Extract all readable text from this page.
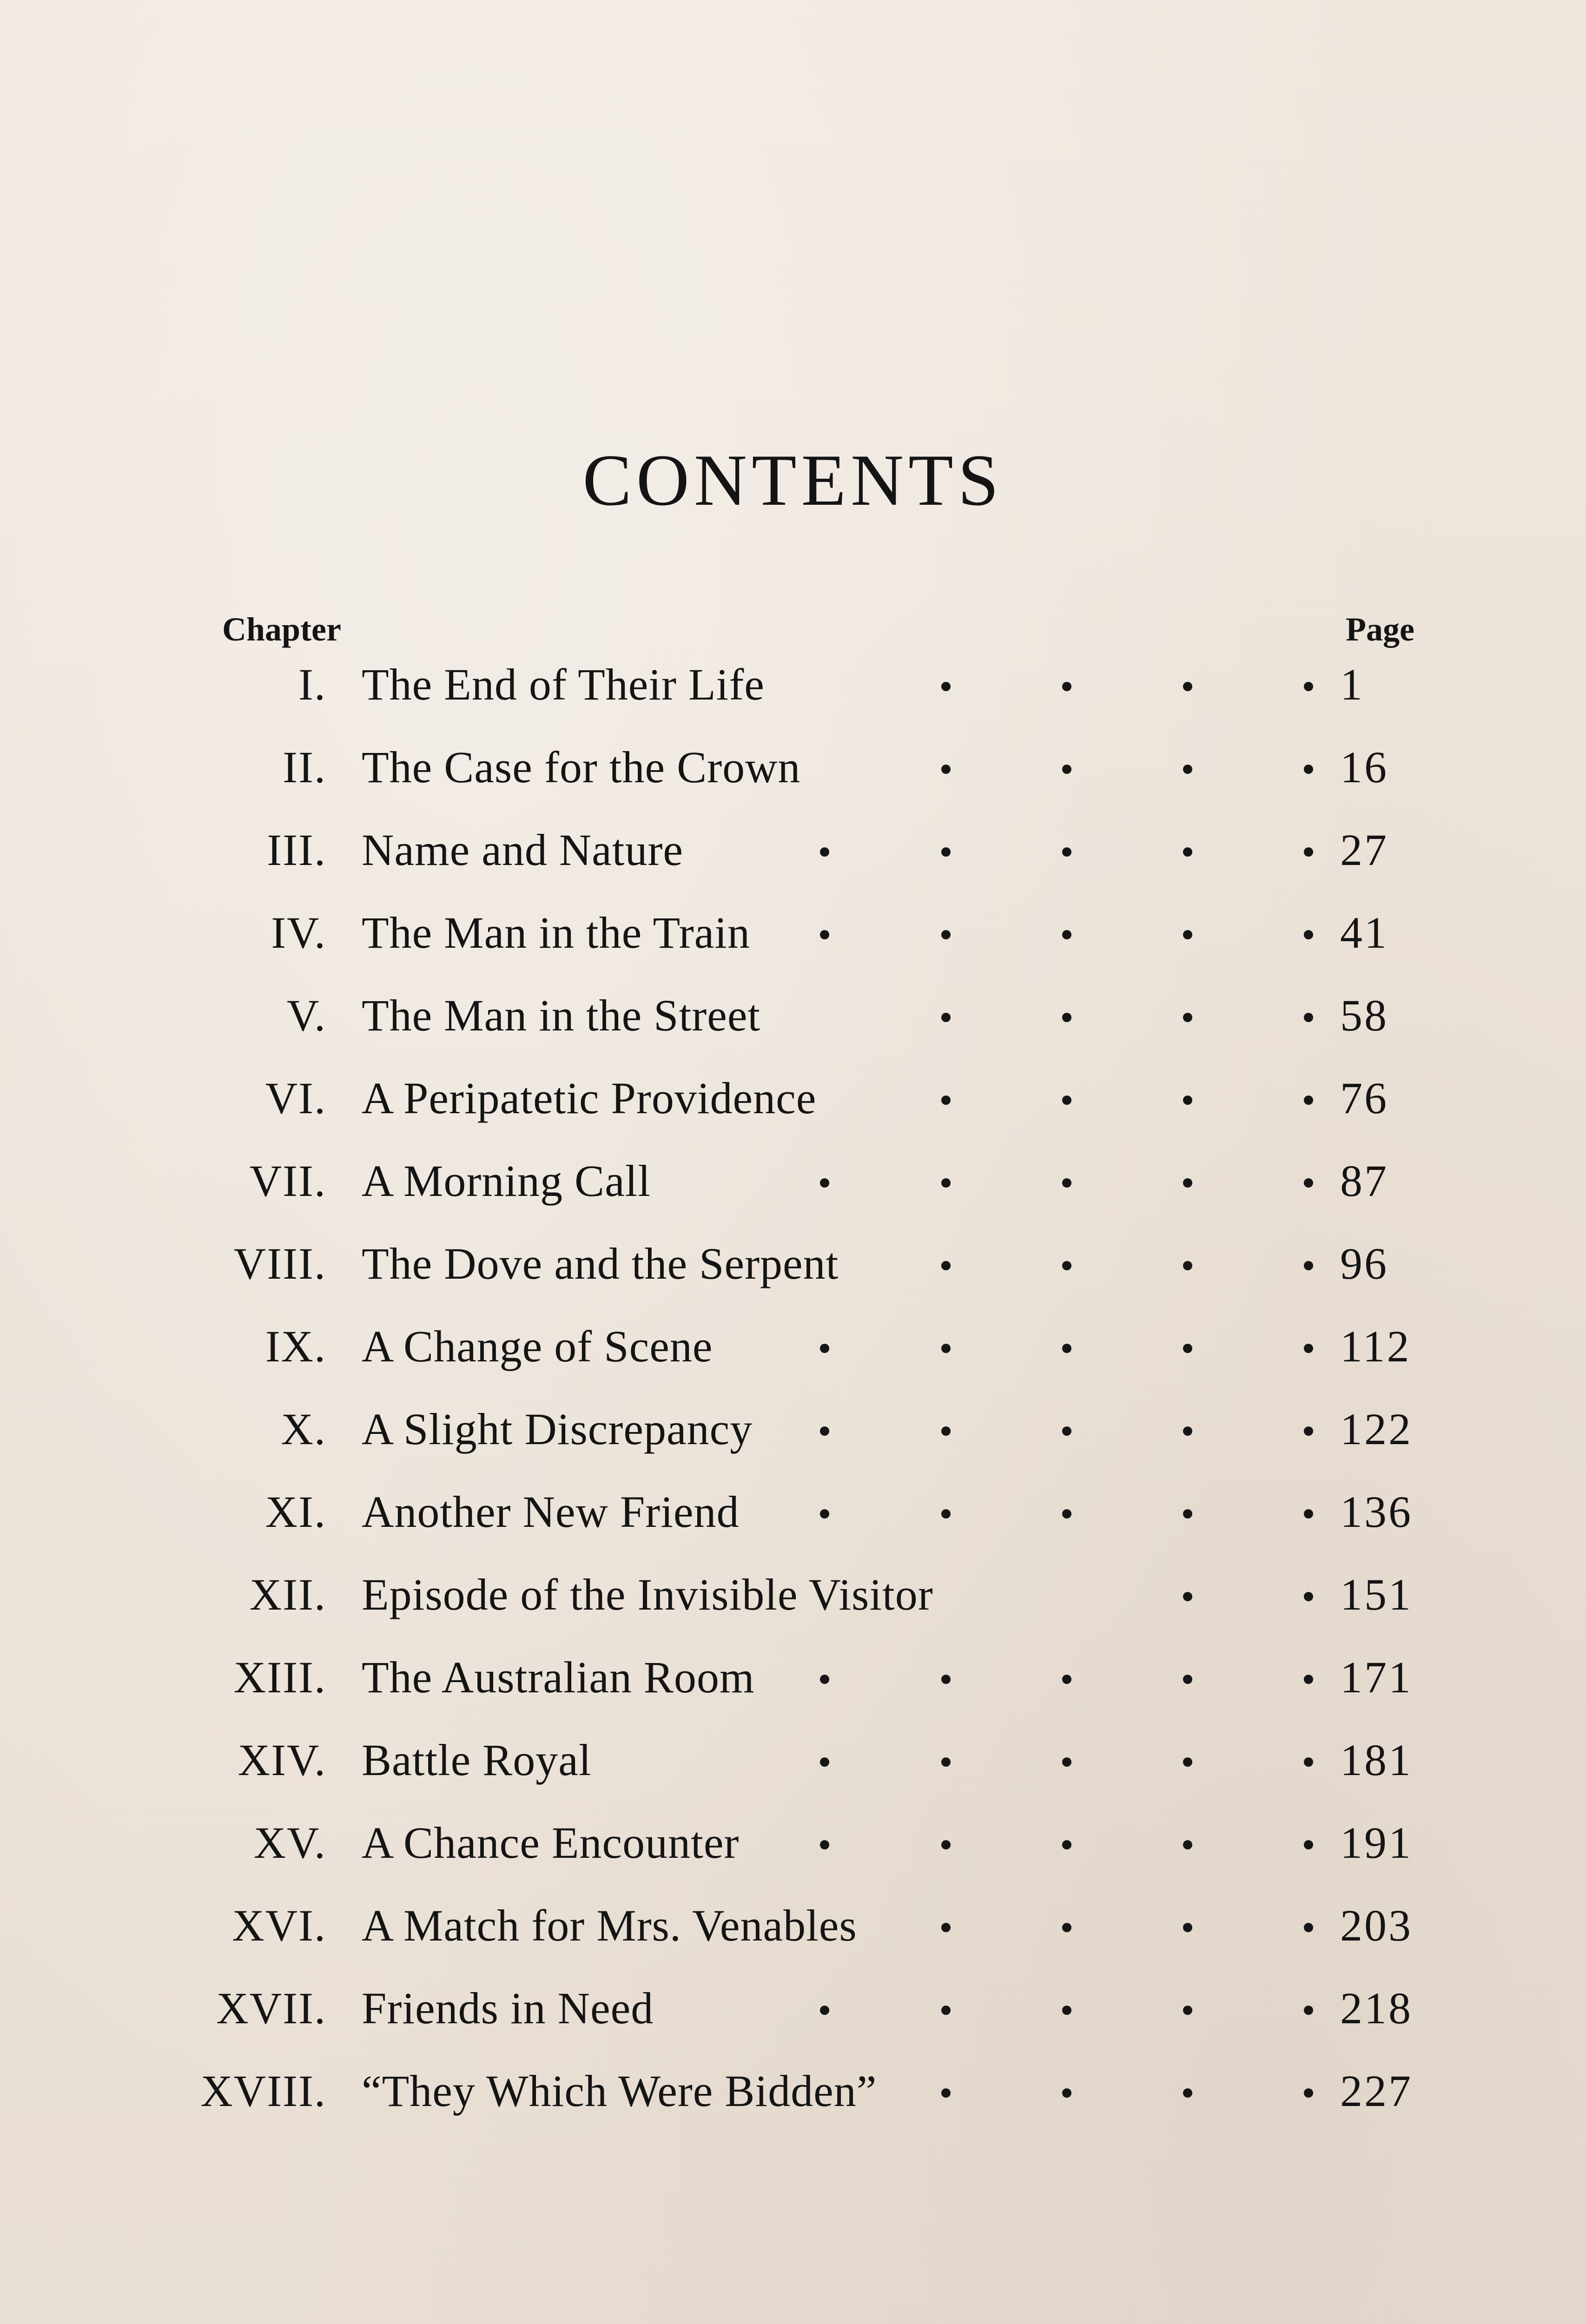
CONTENTS
Chapter	Page
I. The End of Their Life	1
II. The Case for the Crown	16
III. Name and Nature	27
IV. The Man in the Train	41
V. The Man in the Street	58
VI. A Peripatetic Providence	76
VII. A Morning Call	87
VIII. The Dove and the Serpent	96
IX. A Change of Scene	112
X. A Slight Discrepancy	122
XI. Another New Friend	136
XII. Episode of the Invisible Visitor	151
XIII. The Australian Room	171
XIV. Battle Royal	181
XV. A Chance Encounter	191
XVI. A Match for Mrs. Venables	203
XVII. Friends in Need	218
XVIII. “They Which Were Bidden”	227
